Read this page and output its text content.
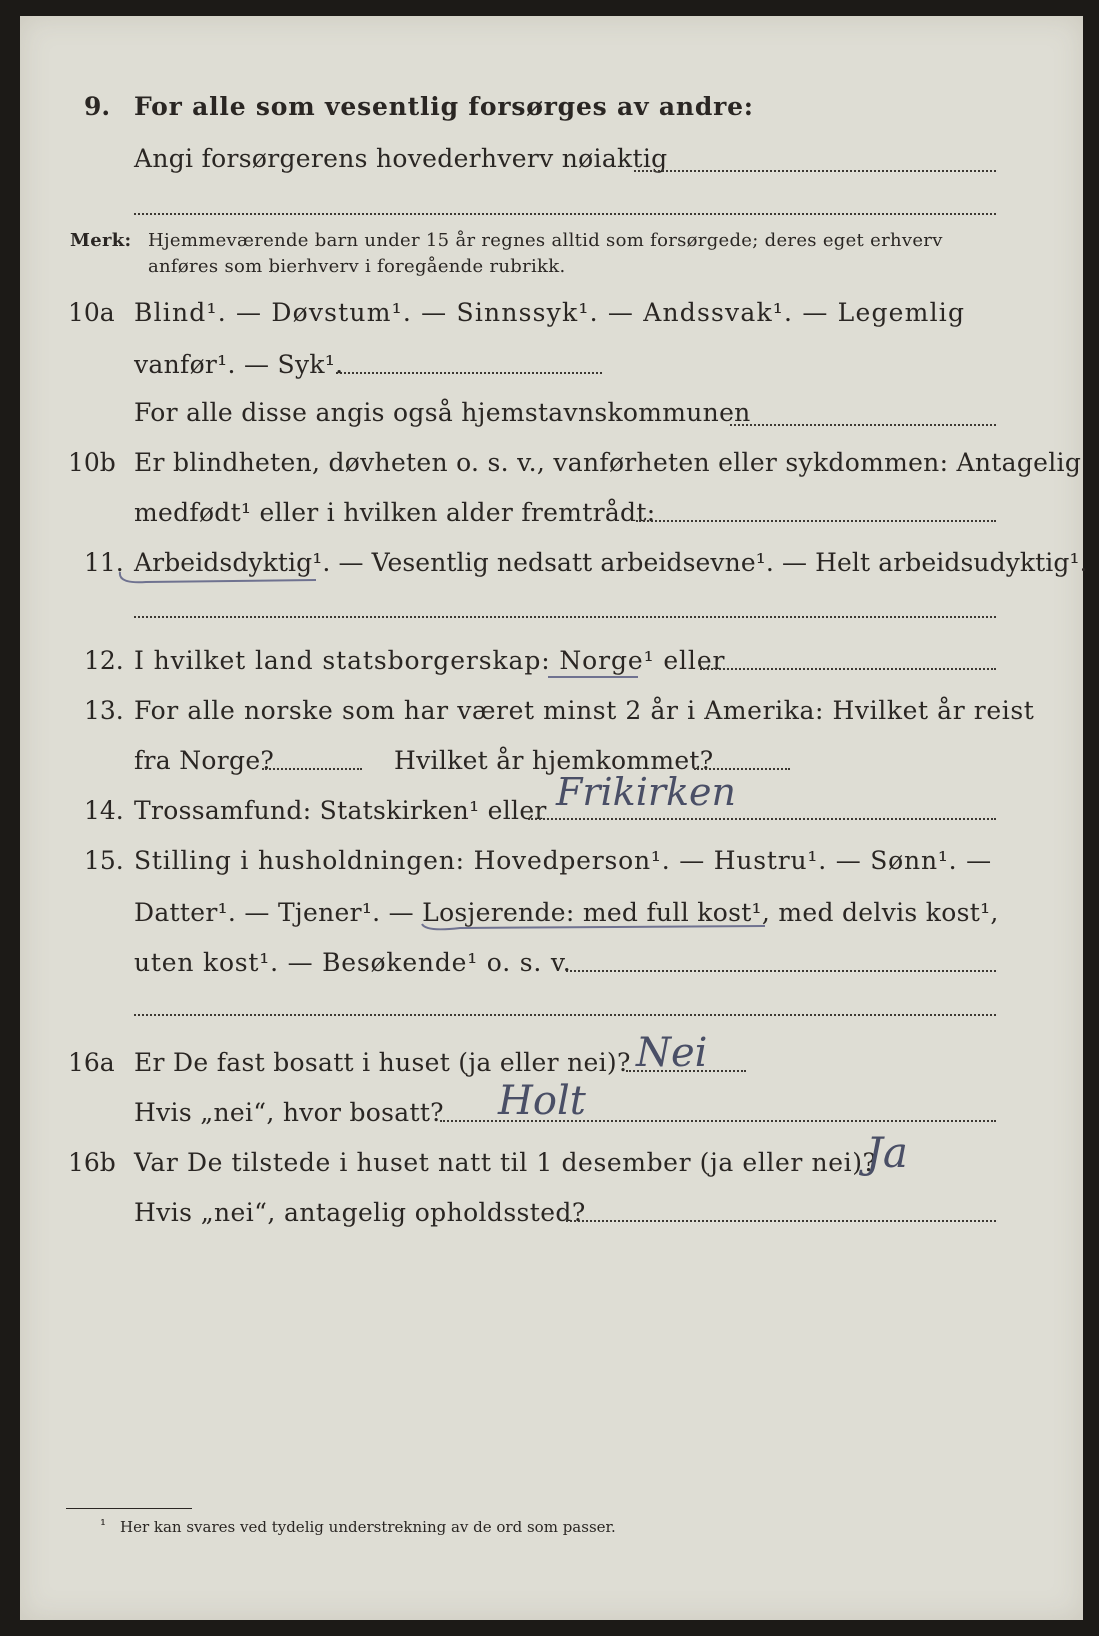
9. For alle som vesentlig forsørges av andre:
Angi forsørgerens hovederhverv nøiaktig
Merk: Hjemmeværende barn under 15 år regnes alltid som forsørgede; deres eget erhverv
anføres som bierhverv i foregående rubrikk.
10a Blind¹. — Døvstum¹. — Sinnssyk¹. — Andssvak¹. — Legemlig
vanfør¹. — Syk¹.
For alle disse angis også hjemstavnskommunen
10b Er blindheten, døvheten o. s. v., vanførheten eller sykdommen: Antagelig
medfødt¹ eller i hvilken alder fremtrådt:
11. Arbeidsdyktig¹. — Vesentlig nedsatt arbeidsevne¹. — Helt arbeidsudyktig¹.
12. I hvilket land statsborgerskap: Norge¹ eller
13. For alle norske som har været minst 2 år i Amerika: Hvilket år reist
fra Norge?	Hvilket år hjemkommet?
14. Trossamfund: Statskirken¹ eller Frikirken
15. Stilling i husholdningen: Hovedperson¹. — Hustru¹. — Sønn¹. —
Datter¹. — Tjener¹. — Losjerende: med full kost¹, med delvis kost¹,
uten kost¹. — Besøkende¹ o. s. v.
16a Er De fast bosatt i huset (ja eller nei)? Nei
Hvis „nei“, hvor bosatt? Holt
16b Var De tilstede i huset natt til 1 desember (ja eller nei)?
Ja
Hvis „nei“, antagelig opholdssted?
¹ Her kan svares ved tydelig understrekning av de ord som passer.
